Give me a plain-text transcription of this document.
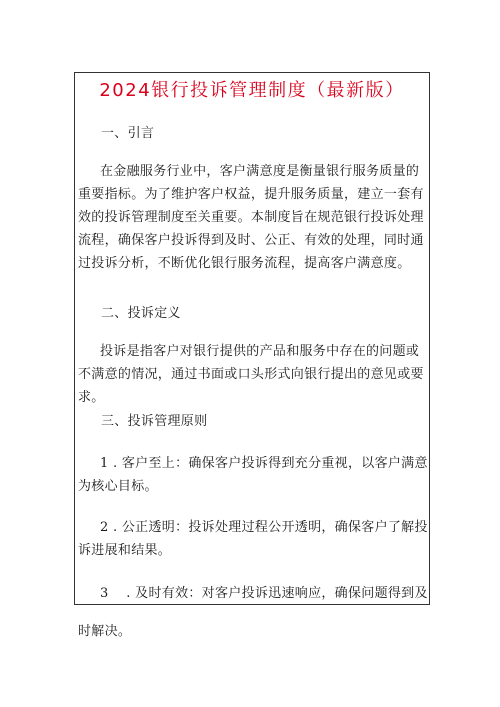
2024银行投诉管理制度（最新版）

一、引言

在金融服务行业中，客户满意度是衡量银行服务质量的重要指标。为了维护客户权益，提升服务质量，建立一套有效的投诉管理制度至关重要。本制度旨在规范银行投诉处理流程，确保客户投诉得到及时、公正、有效的处理，同时通过投诉分析，不断优化银行服务流程，提高客户满意度。

二、投诉定义

投诉是指客户对银行提供的产品和服务中存在的问题或不满意的情况，通过书面或口头形式向银行提出的意见或要求。

三、投诉管理原则

1 . 客户至上：确保客户投诉得到充分重视，以客户满意为核心目标。

2 . 公正透明：投诉处理过程公开透明，确保客户了解投诉进展和结果。

3　 . 及时有效：对客户投诉迅速响应，确保问题得到及

时解决。
